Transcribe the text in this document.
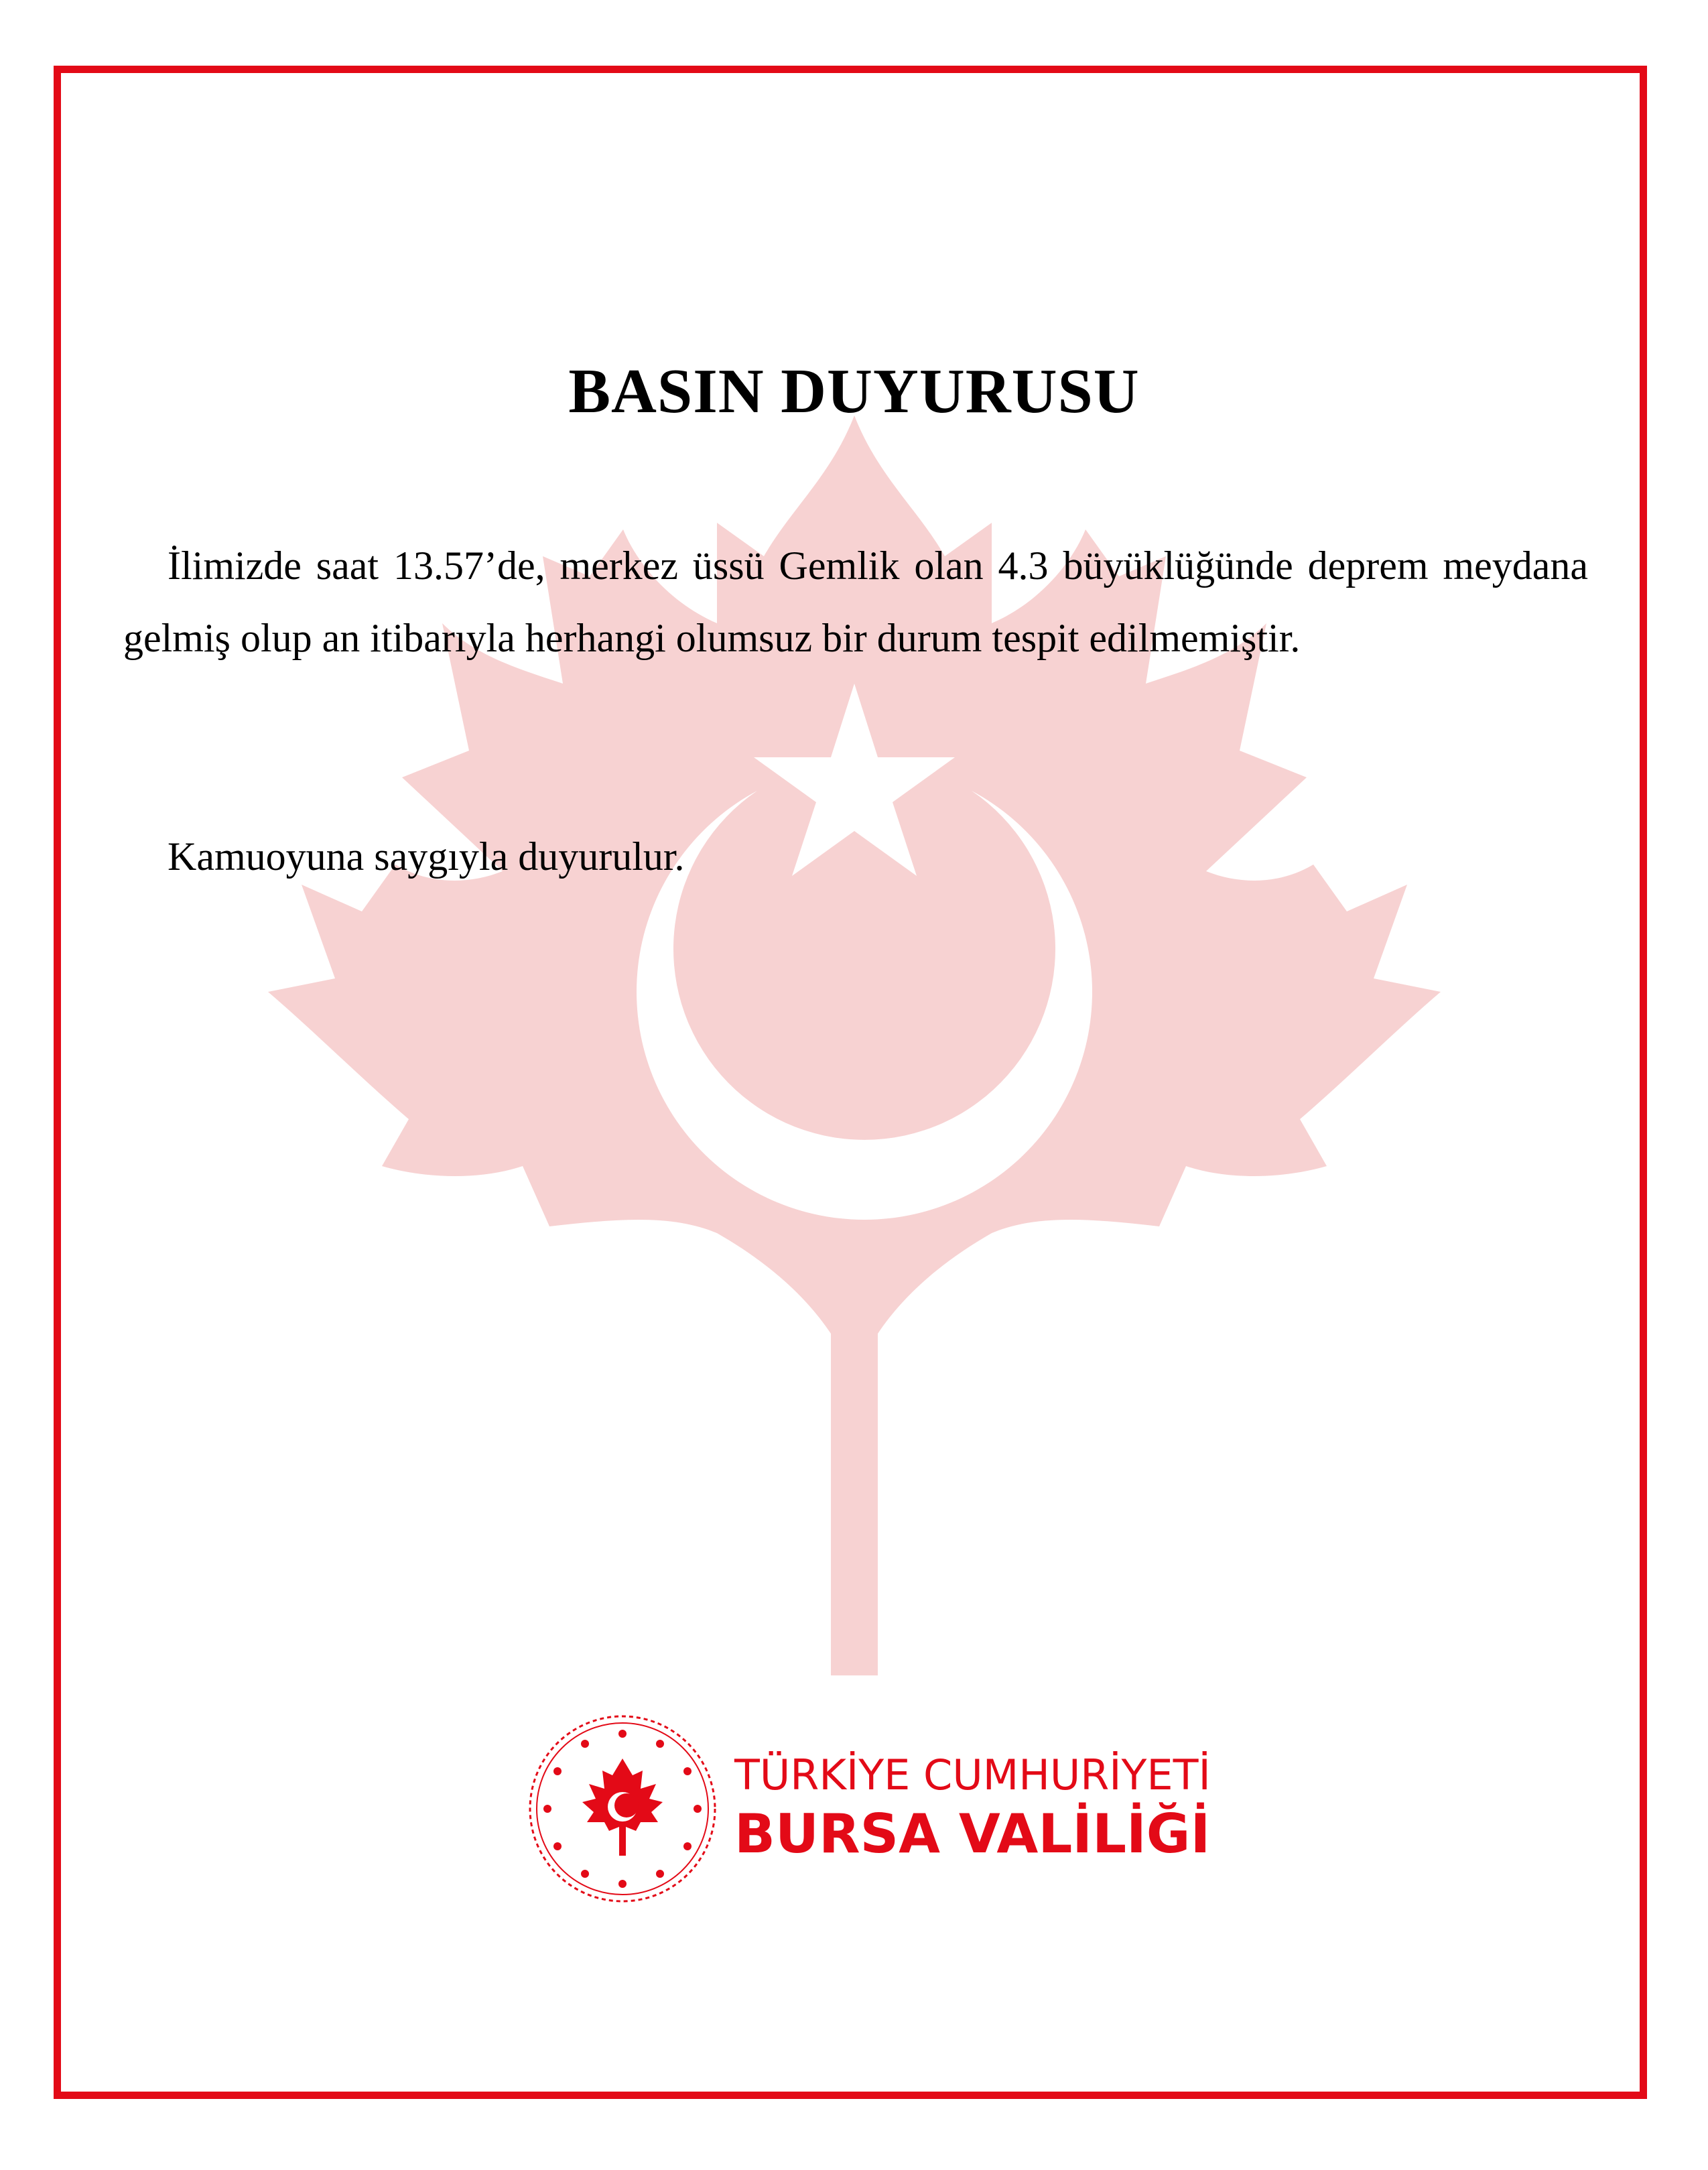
BASIN DUYURUSU

İlimizde saat 13.57’de, merkez üssü Gemlik olan 4.3 büyüklüğünde deprem meydana gelmiş olup an itibarıyla herhangi olumsuz bir durum tespit edilmemiştir.

Kamuoyuna saygıyla duyurulur.

TÜRKİYE CUMHURİYETİ
BURSA VALİLİĞİ
